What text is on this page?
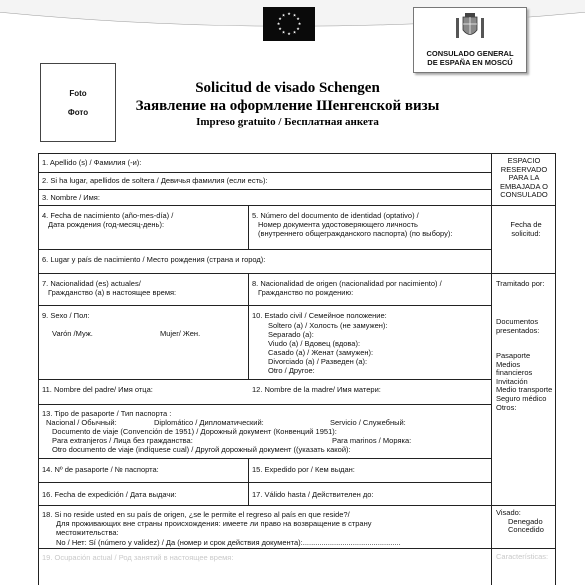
★ ★
★
★
★
★
★
★
★
★
★
★
CONSULADO GENERAL
DE ESPAÑA EN MOSCÚ
Foto
Фото
Solicitud de visado Schengen
Заявление на оформление Шенгенской визы
Impreso gratuito / Бесплатная анкета
1. Apellido (s) / Фамилия (-и):
2. Si ha lugar, apellidos de soltera / Девичья фамилия (если есть):
3. Nombre / Имя:
4. Fecha de nacimiento (año-mes-día) /
Дата рождения (год-месяц-день):
5. Número del documento de identidad (optativo) /
Номер документа удостоверяющего личность
(внутреннего общегражданского паспорта) (по выбору):
6. Lugar y país de nacimiento / Место рождения (страна и город):
7. Nacionalidad (es) actuales/
Гражданство (а) в настоящее время:
8. Nacionalidad de origen (nacionalidad por nacimiento) /
Гражданство по рождению:
9. Sexo / Пол:
Varón /Муж.	Mujer/ Жен.
10. Estado civil / Семейное положение:
Soltero (a) / Холость (не замужен):
Separado (a):
Viudo (a) / Вдовец (вдова):
Casado (a) / Женат (замужен):
Divorciado (a) / Разведен (а):
Otro / Другое:
11. Nombre del padre/ Имя отца:	12. Nombre de la madre/ Имя матери:
13. Tipo de pasaporte / Тип паспорта :
Nacional / Обычный:	Diplomático / Дипломатический:	Servicio / Служебный:
Documento de viaje (Convención de 1951) / Дорожный документ (Конвенций 1951):
Para extranjeros / Лица без гражданства:	Para marinos / Моряка:
Otro documento de viaje (indíquese cual) / Другой дорожный документ ((указать какой):
14. Nº de pasaporte / № паспорта:	15. Expedido por / Кем выдан:
16. Fecha de expedición / Дата выдачи:	17. Válido hasta / Действителен до:
18. Si no reside usted en su país de origen, ¿se le permite el regreso al país en que reside?/
Для проживающих вне страны происхождения: имеете ли право на возвращение в страну
местожительства:
No / Нет: Sí (número y validez) / Да (номер и срок действия документа):...............................................
19. Ocupación actual / Род занятий в настоящее время:
ESPACIO
RESERVADO
PARA LA
EMBAJADA O
CONSULADO
Fecha de
solicitud:
Tramitado por:
Documentos
presentados:
Pasaporte
Medios
financieros
Invitación
Medio transporte
Seguro médico
Otros:
Visado:
Denegado
Concedido
Características:
